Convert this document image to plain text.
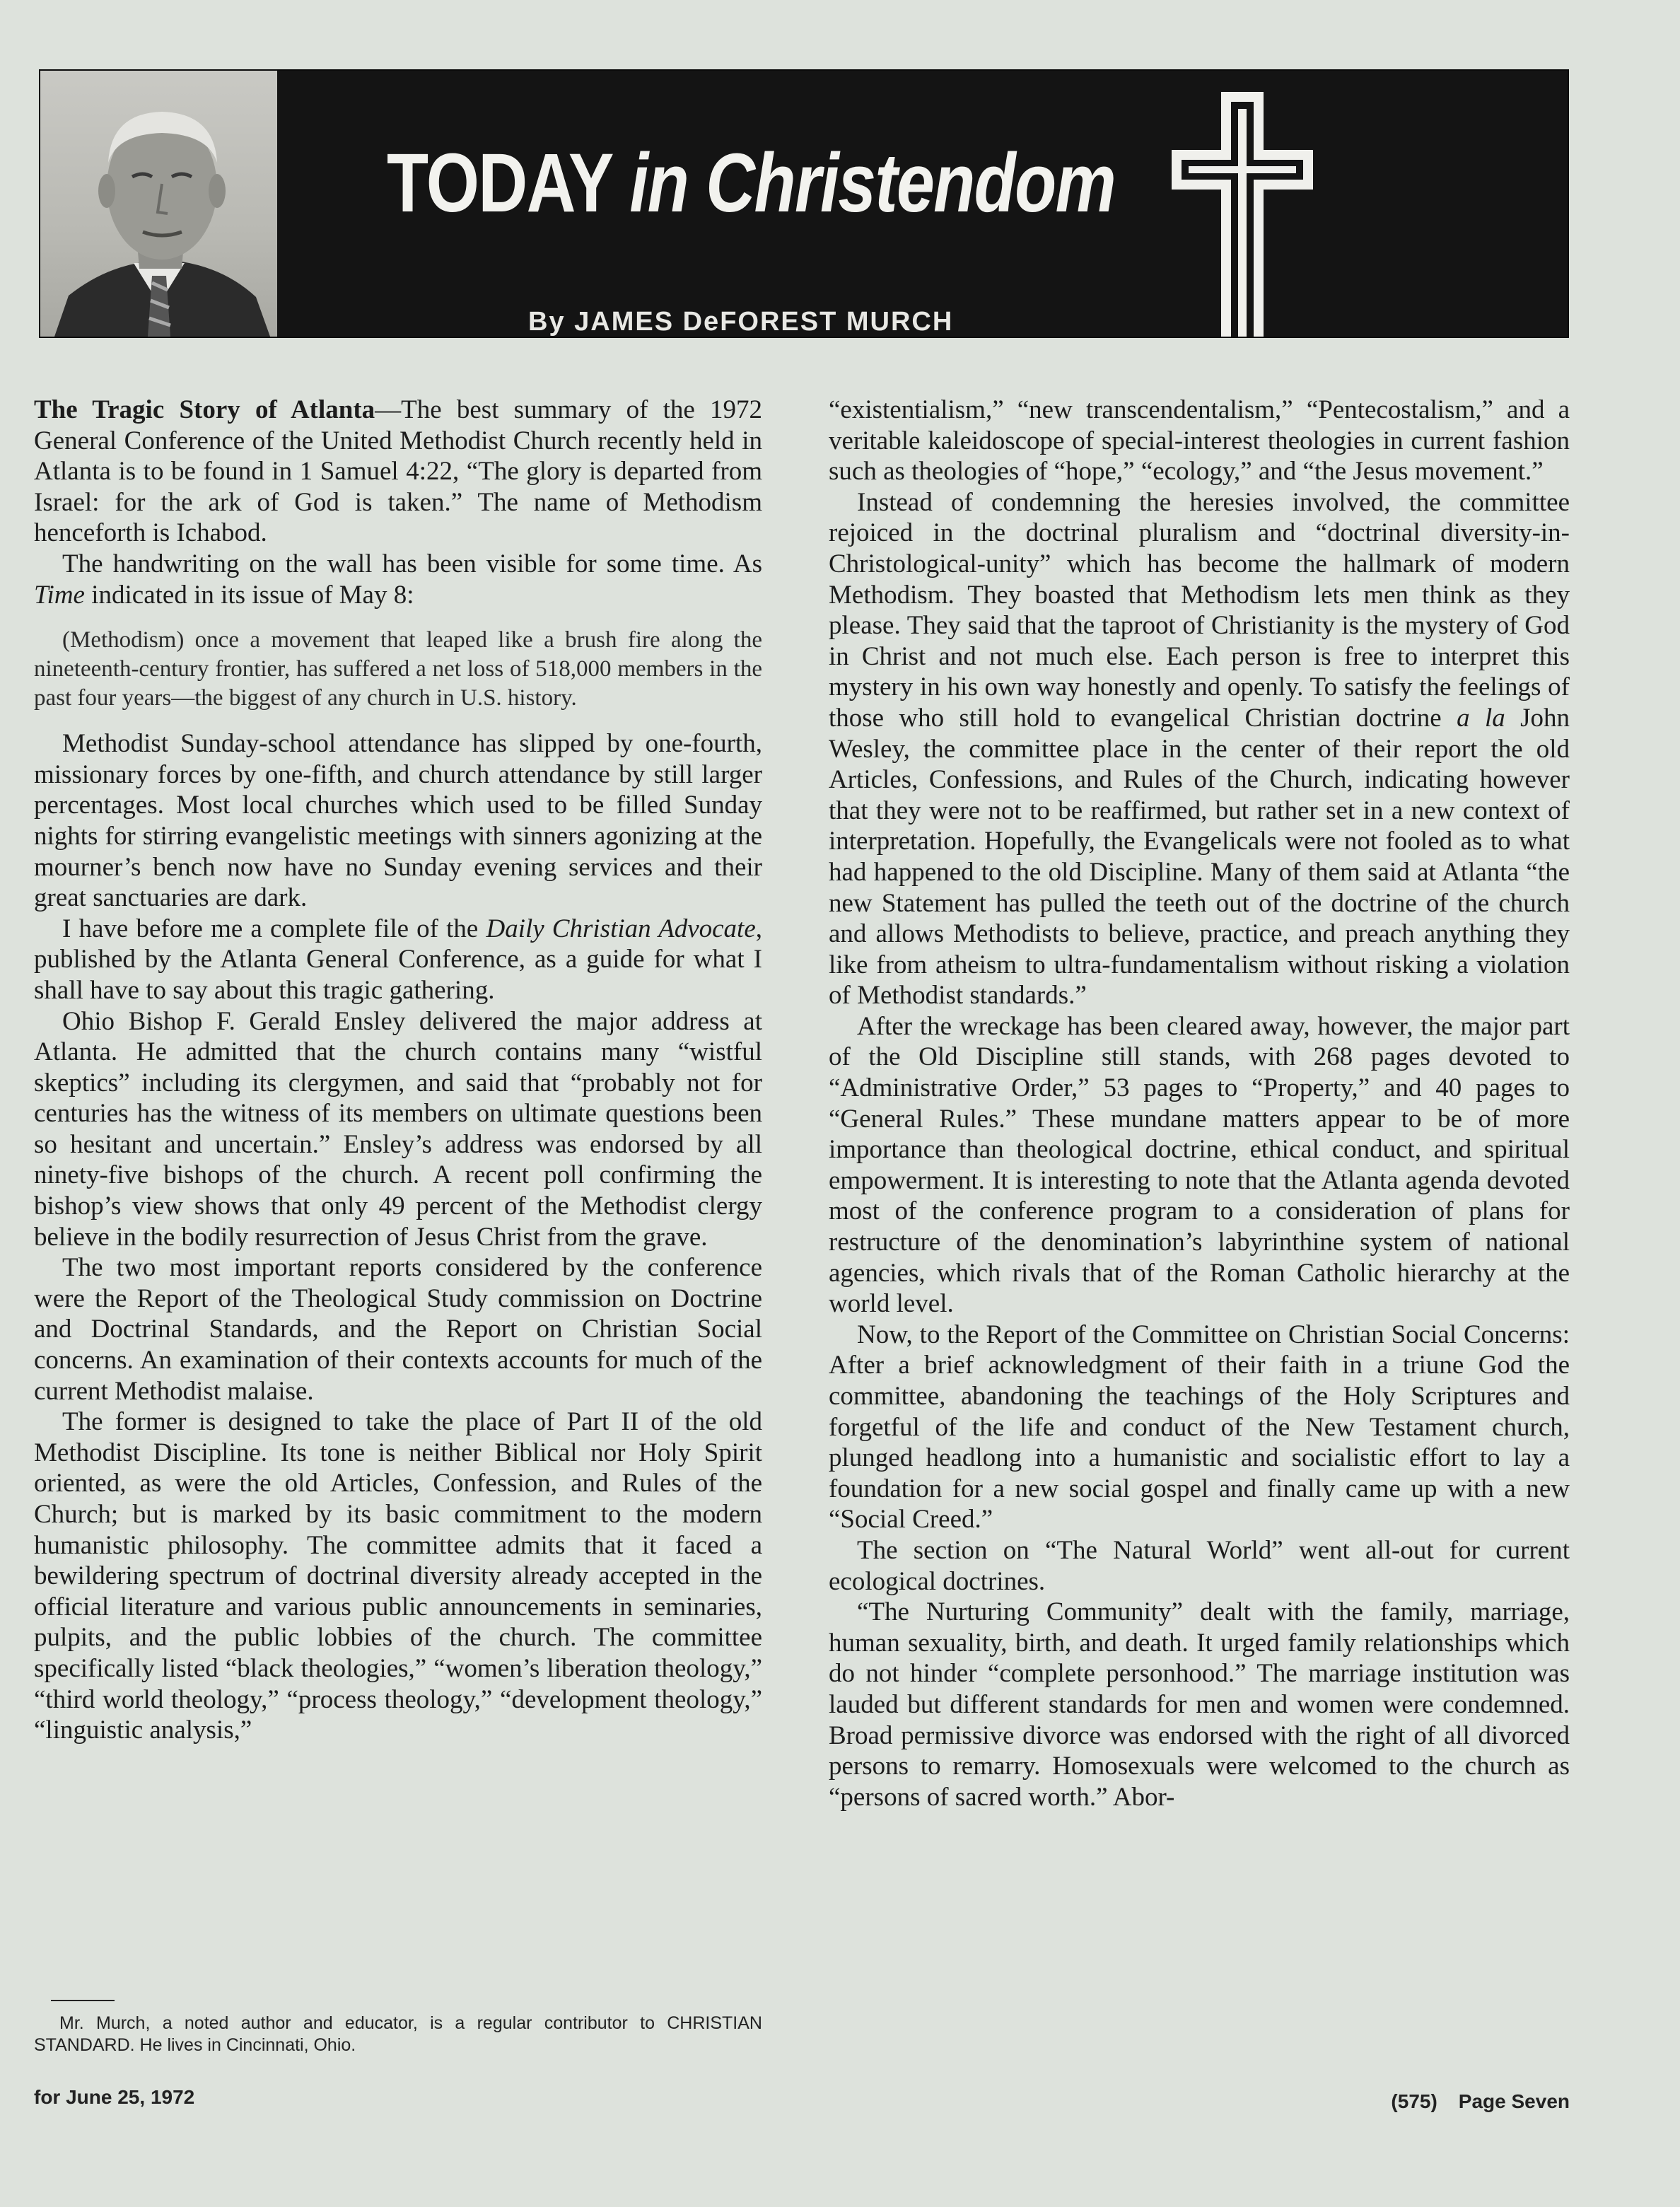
TODAY in Christendom
By JAMES DeFOREST MURCH

The Tragic Story of Atlanta—The best summary of the 1972 General Conference of the United Methodist Church recently held in Atlanta is to be found in 1 Samuel 4:22, “The glory is departed from Israel: for the ark of God is taken.” The name of Methodism henceforth is Ichabod.

The handwriting on the wall has been visible for some time. As Time indicated in its issue of May 8:

(Methodism) once a movement that leaped like a brush fire along the nineteenth-century frontier, has suffered a net loss of 518,000 members in the past four years—the biggest of any church in U.S. history.

Methodist Sunday-school attendance has slipped by one-fourth, missionary forces by one-fifth, and church attendance by still larger percentages. Most local churches which used to be filled Sunday nights for stirring evangelistic meetings with sinners agonizing at the mourner’s bench now have no Sunday evening services and their great sanctuaries are dark.

I have before me a complete file of the Daily Christian Advocate, published by the Atlanta General Conference, as a guide for what I shall have to say about this tragic gathering.

Ohio Bishop F. Gerald Ensley delivered the major address at Atlanta. He admitted that the church contains many “wistful skeptics” including its clergymen, and said that “probably not for centuries has the witness of its members on ultimate questions been so hesitant and uncertain.” Ensley’s address was endorsed by all ninety-five bishops of the church. A recent poll confirming the bishop’s view shows that only 49 percent of the Methodist clergy believe in the bodily resurrection of Jesus Christ from the grave.

The two most important reports considered by the conference were the Report of the Theological Study commission on Doctrine and Doctrinal Standards, and the Report on Christian Social concerns. An examination of their contexts accounts for much of the current Methodist malaise.

The former is designed to take the place of Part II of the old Methodist Discipline. Its tone is neither Biblical nor Holy Spirit oriented, as were the old Articles, Confession, and Rules of the Church; but is marked by its basic commitment to the modern humanistic philosophy. The committee admits that it faced a bewildering spectrum of doctrinal diversity already accepted in the official literature and various public announcements in seminaries, pulpits, and the public lobbies of the church. The committee specifically listed “black theologies,” “women’s liberation theology,” “third world theology,” “process theology,” “development theology,” “linguistic analysis,”

“existentialism,” “new transcendentalism,” “Pentecostalism,” and a veritable kaleidoscope of special-interest theologies in current fashion such as theologies of “hope,” “ecology,” and “the Jesus movement.”

Instead of condemning the heresies involved, the committee rejoiced in the doctrinal pluralism and “doctrinal diversity-in-Christological-unity” which has become the hallmark of modern Methodism. They boasted that Methodism lets men think as they please. They said that the taproot of Christianity is the mystery of God in Christ and not much else. Each person is free to interpret this mystery in his own way honestly and openly. To satisfy the feelings of those who still hold to evangelical Christian doctrine a la John Wesley, the committee place in the center of their report the old Articles, Confessions, and Rules of the Church, indicating however that they were not to be reaffirmed, but rather set in a new context of interpretation. Hopefully, the Evangelicals were not fooled as to what had happened to the old Discipline. Many of them said at Atlanta “the new Statement has pulled the teeth out of the doctrine of the church and allows Methodists to believe, practice, and preach anything they like from atheism to ultra-fundamentalism without risking a violation of Methodist standards.”

After the wreckage has been cleared away, however, the major part of the Old Discipline still stands, with 268 pages devoted to “Administrative Order,” 53 pages to “Property,” and 40 pages to “General Rules.” These mundane matters appear to be of more importance than theological doctrine, ethical conduct, and spiritual empowerment. It is interesting to note that the Atlanta agenda devoted most of the conference program to a consideration of plans for restructure of the denomination’s labyrinthine system of national agencies, which rivals that of the Roman Catholic hierarchy at the world level.

Now, to the Report of the Committee on Christian Social Concerns: After a brief acknowledgment of their faith in a triune God the committee, abandoning the teachings of the Holy Scriptures and forgetful of the life and conduct of the New Testament church, plunged headlong into a humanistic and socialistic effort to lay a foundation for a new social gospel and finally came up with a new “Social Creed.”

The section on “The Natural World” went all-out for current ecological doctrines.

“The Nurturing Community” dealt with the family, marriage, human sexuality, birth, and death. It urged family relationships which do not hinder “complete personhood.” The marriage institution was lauded but different standards for men and women were condemned. Broad permissive divorce was endorsed with the right of all divorced persons to remarry. Homosexuals were welcomed to the church as “persons of sacred worth.” Abor-

Mr. Murch, a noted author and educator, is a regular contributor to CHRISTIAN STANDARD. He lives in Cincinnati, Ohio.
for June 25, 1972	(575) Page Seven
